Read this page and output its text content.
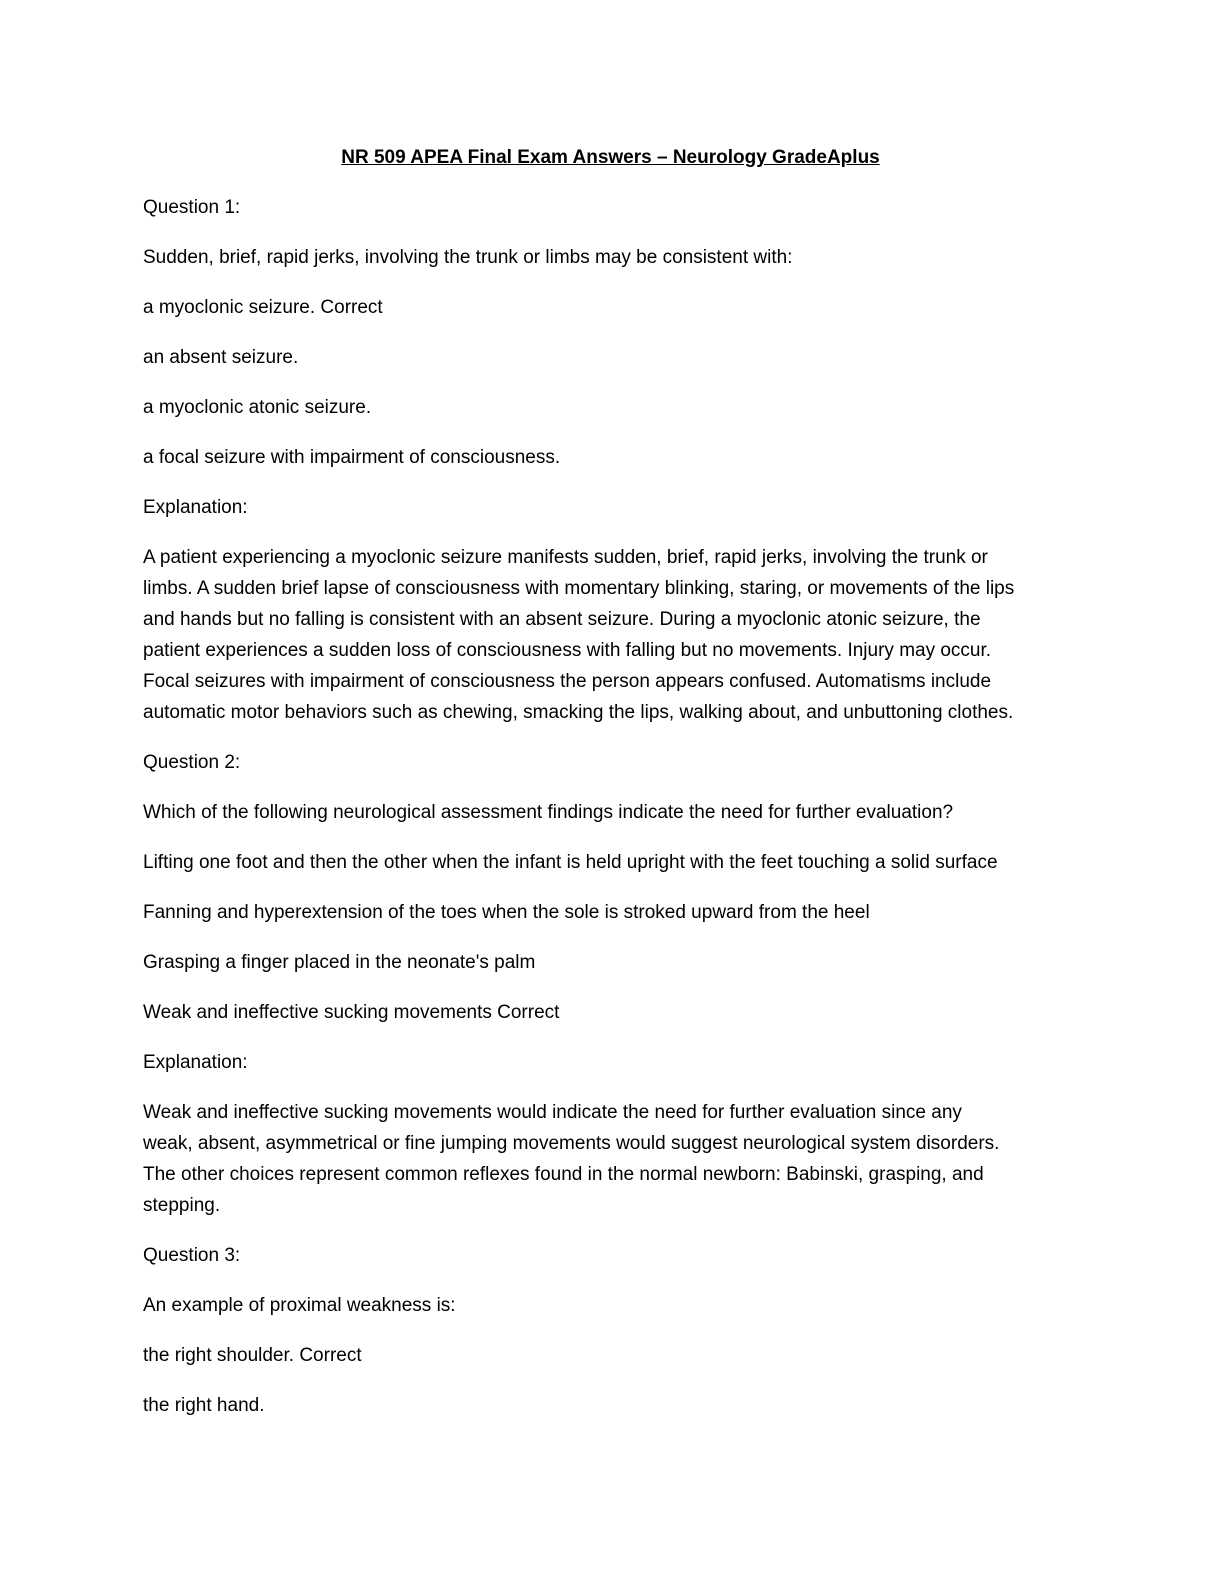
NR 509 APEA Final Exam Answers – Neurology GradeAplus
Question 1:
Sudden, brief, rapid jerks, involving the trunk or limbs may be consistent with:
a myoclonic seizure. Correct
an absent seizure.
a myoclonic atonic seizure.
a focal seizure with impairment of consciousness.
Explanation:
A patient experiencing a myoclonic seizure manifests sudden, brief, rapid jerks, involving the trunk or
limbs. A sudden brief lapse of consciousness with momentary blinking, staring, or movements of the lips
and hands but no falling is consistent with an absent seizure. During a myoclonic atonic seizure, the
patient experiences a sudden loss of consciousness with falling but no movements. Injury may occur.
Focal seizures with impairment of consciousness the person appears confused. Automatisms include
automatic motor behaviors such as chewing, smacking the lips, walking about, and unbuttoning clothes.
Question 2:
Which of the following neurological assessment findings indicate the need for further evaluation?
Lifting one foot and then the other when the infant is held upright with the feet touching a solid surface
Fanning and hyperextension of the toes when the sole is stroked upward from the heel
Grasping a finger placed in the neonate's palm
Weak and ineffective sucking movements Correct
Explanation:
Weak and ineffective sucking movements would indicate the need for further evaluation since any
weak, absent, asymmetrical or fine jumping movements would suggest neurological system disorders.
The other choices represent common reflexes found in the normal newborn: Babinski, grasping, and
stepping.
Question 3:
An example of proximal weakness is:
the right shoulder. Correct
the right hand.
